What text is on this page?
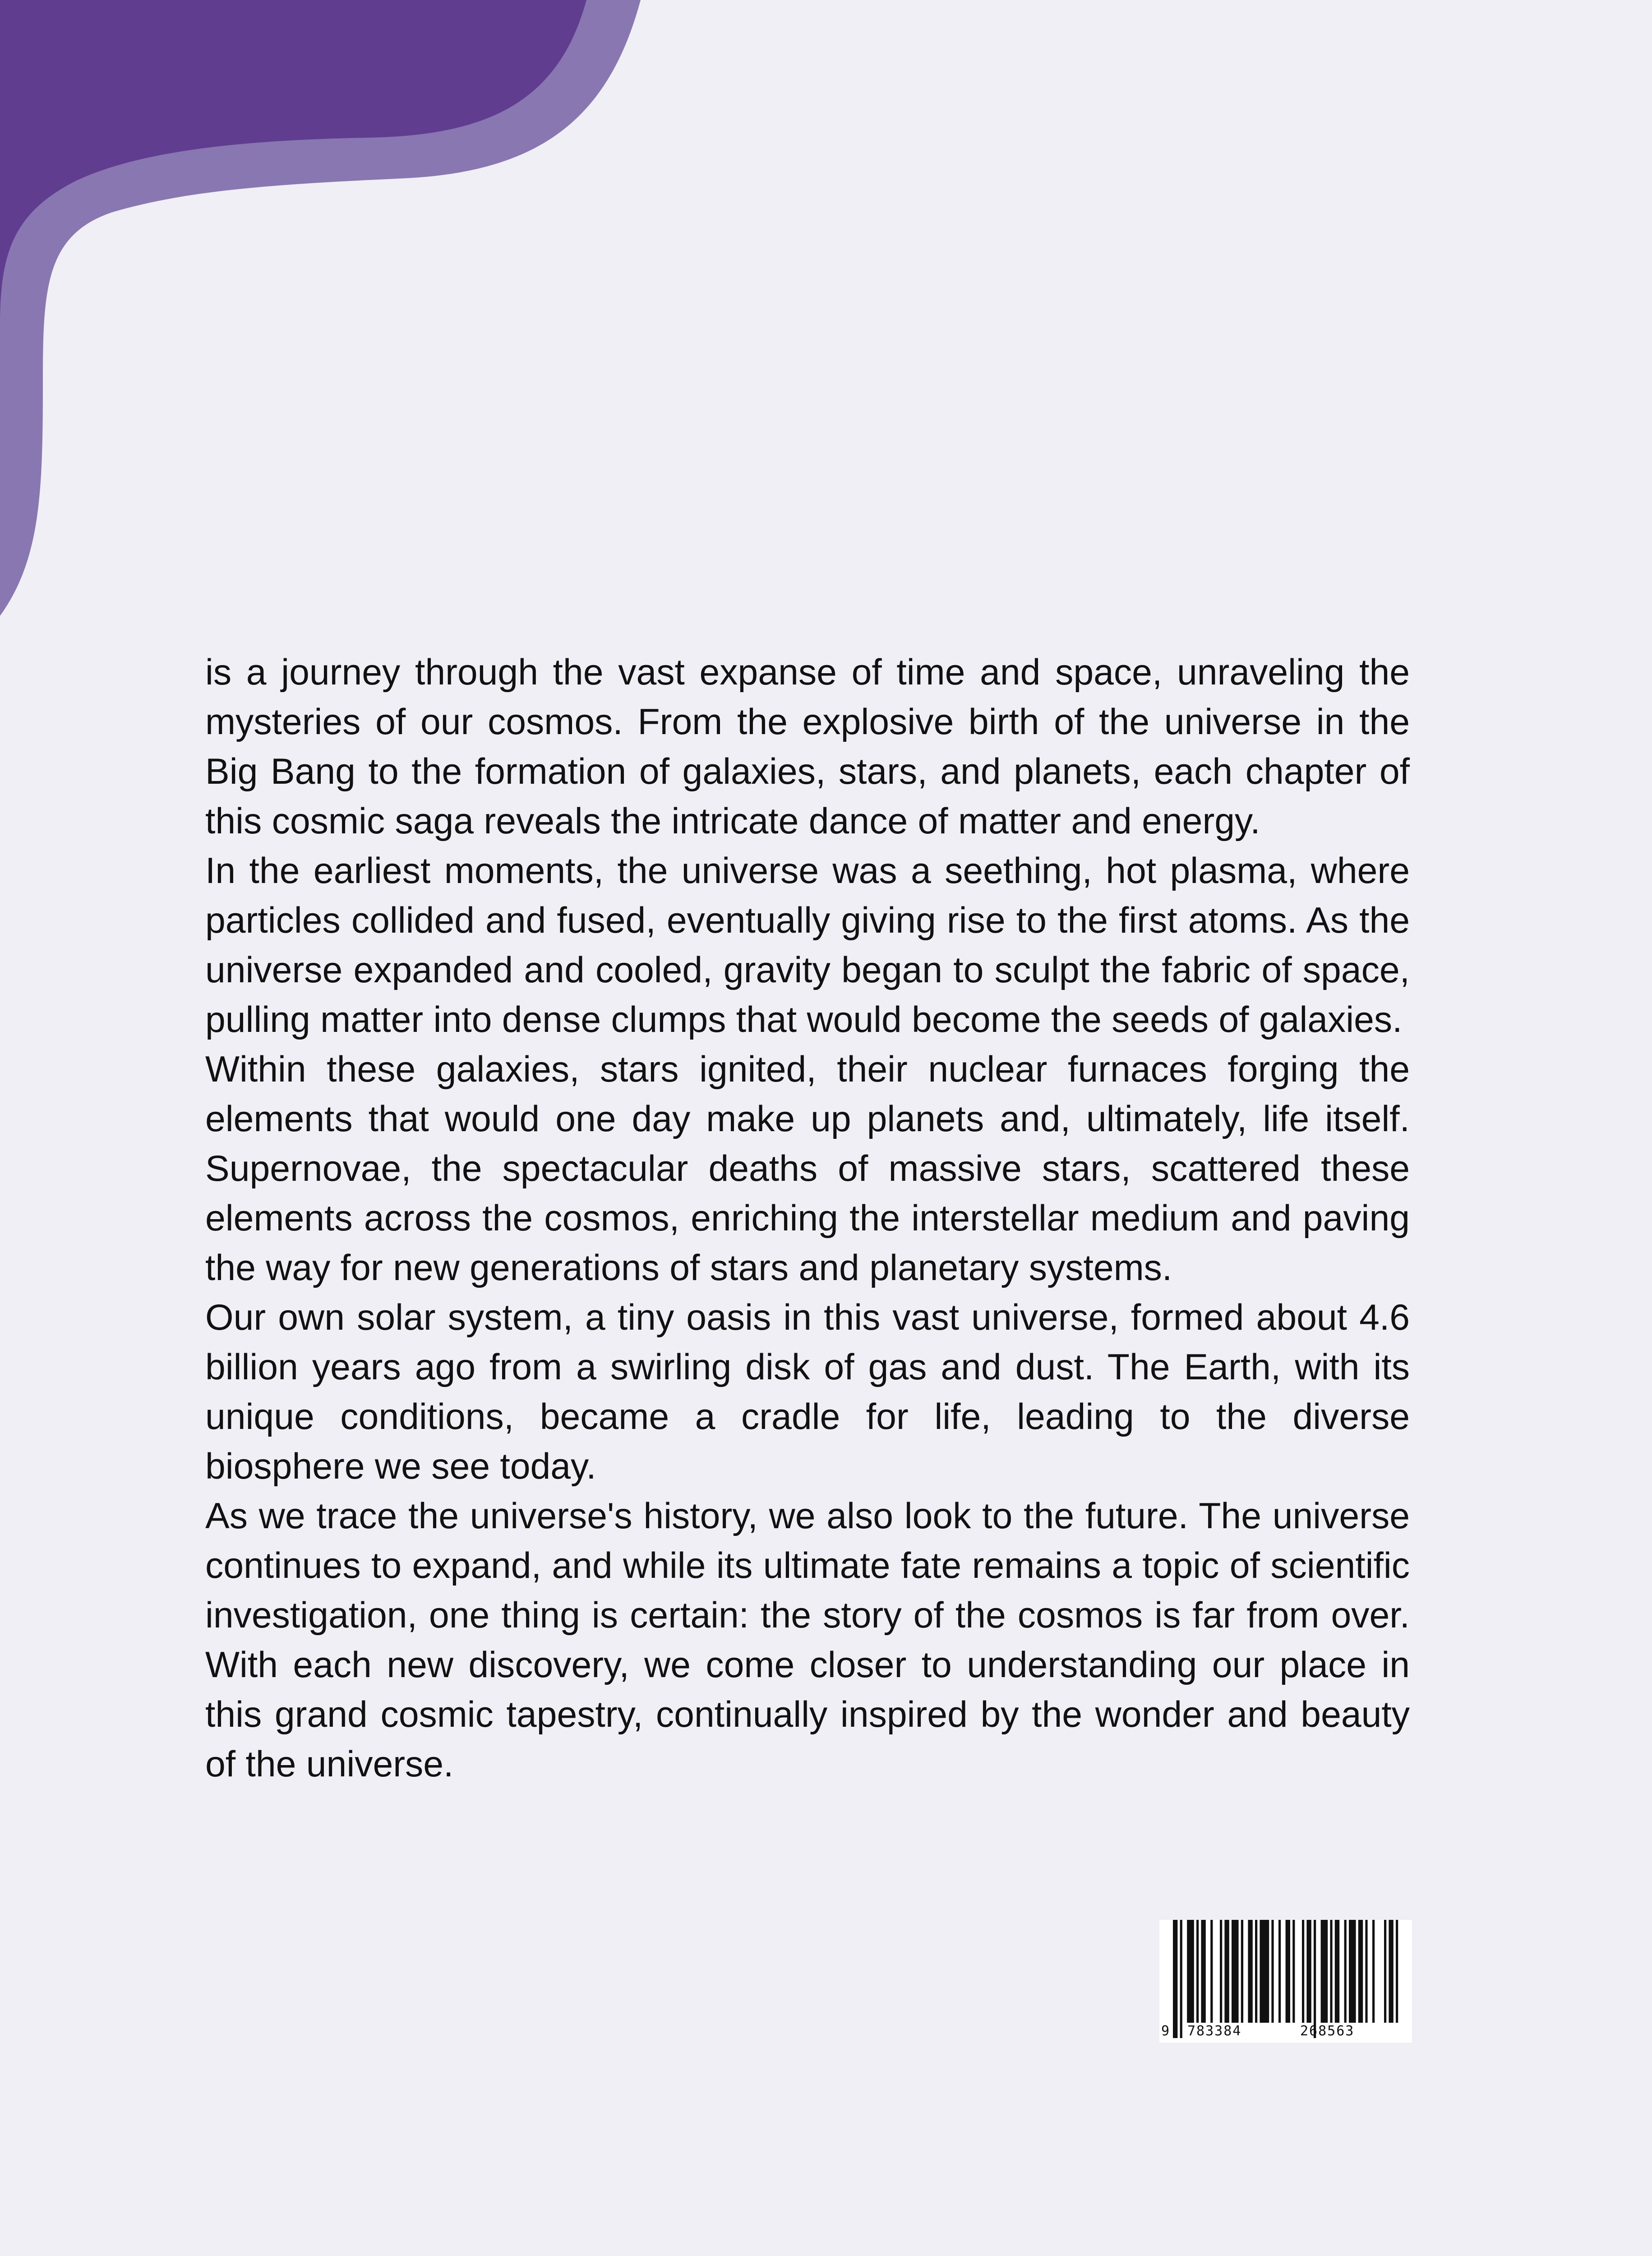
is a journey through the vast expanse of time and space, unraveling the mysteries of our cosmos. From the explosive birth of the universe in the Big Bang to the formation of galaxies, stars, and planets, each chapter of this cosmic saga reveals the intricate dance of matter and energy.

In the earliest moments, the universe was a seething, hot plasma, where particles collided and fused, eventually giving rise to the first atoms. As the universe expanded and cooled, gravity began to sculpt the fabric of space, pulling matter into dense clumps that would become the seeds of galaxies.

Within these galaxies, stars ignited, their nuclear furnaces forging the elements that would one day make up planets and, ultimately, life itself. Supernovae, the spectacular deaths of massive stars, scattered these elements across the cosmos, enriching the interstellar medium and paving the way for new generations of stars and planetary systems.

Our own solar system, a tiny oasis in this vast universe, formed about 4.6 billion years ago from a swirling disk of gas and dust. The Earth, with its unique conditions, became a cradle for life, leading to the diverse biosphere we see today.

As we trace the universe's history, we also look to the future. The universe continues to expand, and while its ultimate fate remains a topic of scientific investigation, one thing is certain: the story of the cosmos is far from over. With each new discovery, we come closer to understanding our place in this grand cosmic tapestry, continually inspired by the wonder and beauty of the universe.

9 783384	268563
